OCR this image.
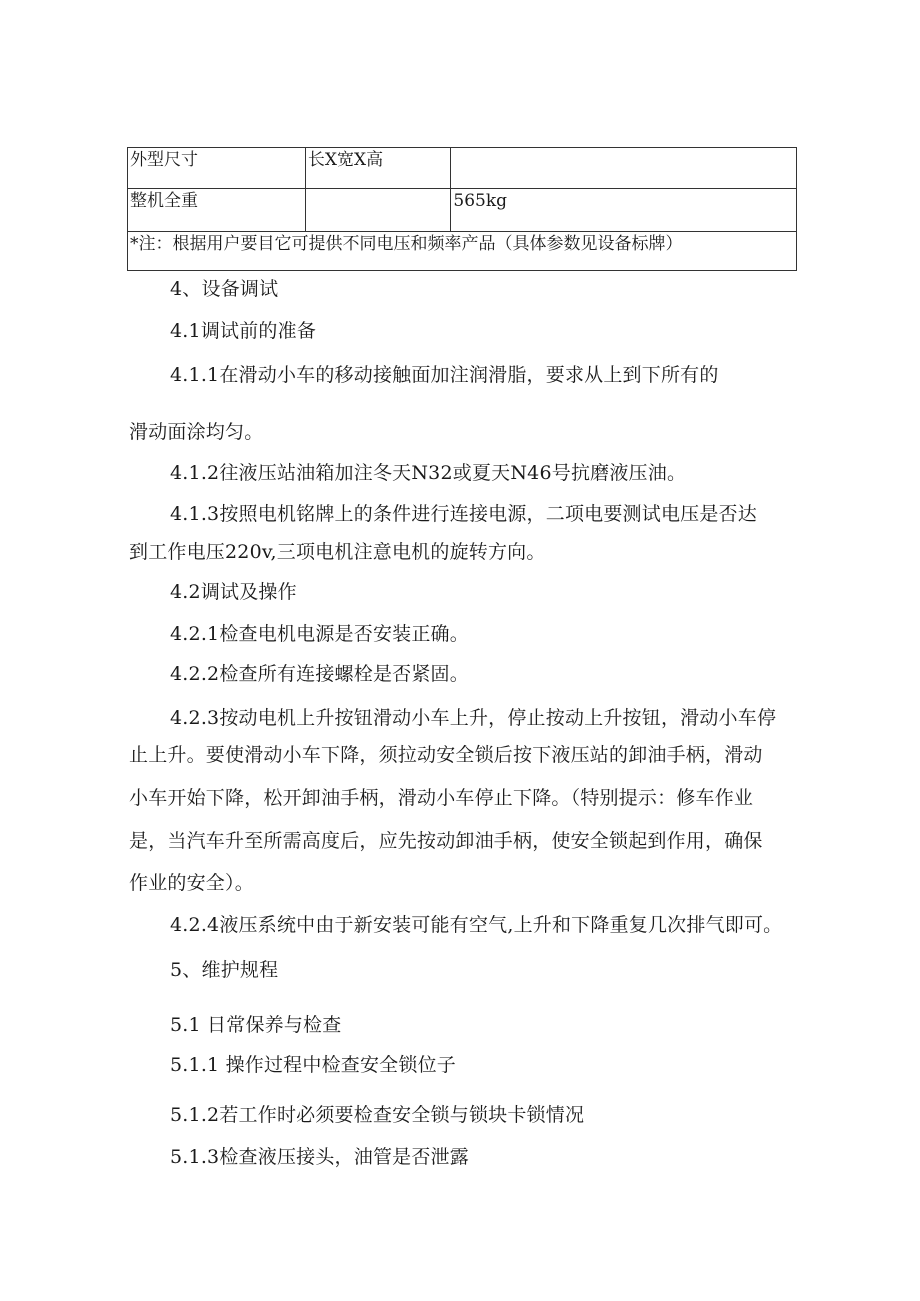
外型尺寸	长X宽X高	
整机全重		565kg

*注：根据用户要目它可提供不同电压和频率产品（具体参数见设备标牌）		
4、设备调试
4.1调试前的准备
4.1.1在滑动小车的移动接触面加注润滑脂，要求从上到下所有的
滑动面涂均匀。
4.1.2往液压站油箱加注冬天N32或夏天N46号抗磨液压油。
4.1.3按照电机铭牌上的条件进行连接电源，二项电要测试电压是否达
到工作电压220v,三项电机注意电机的旋转方向。
4.2调试及操作
4.2.1检查电机电源是否安装正确。
4.2.2检查所有连接螺栓是否紧固。
4.2.3按动电机上升按钮滑动小车上升，停止按动上升按钮，滑动小车停
止上升。要使滑动小车下降，须拉动安全锁后按下液压站的卸油手柄，滑动
小车开始下降，松开卸油手柄，滑动小车停止下降。（特别提示：修车作业
是，当汽车升至所需高度后，应先按动卸油手柄，使安全锁起到作用，确保
作业的安全）。
4.2.4液压系统中由于新安装可能有空气,上升和下降重复几次排气即可。
5、维护规程
5.1 日常保养与检查
5.1.1 操作过程中检查安全锁位子
5.1.2若工作时必须要检查安全锁与锁块卡锁情况
5.1.3检查液压接头，油管是否泄露
